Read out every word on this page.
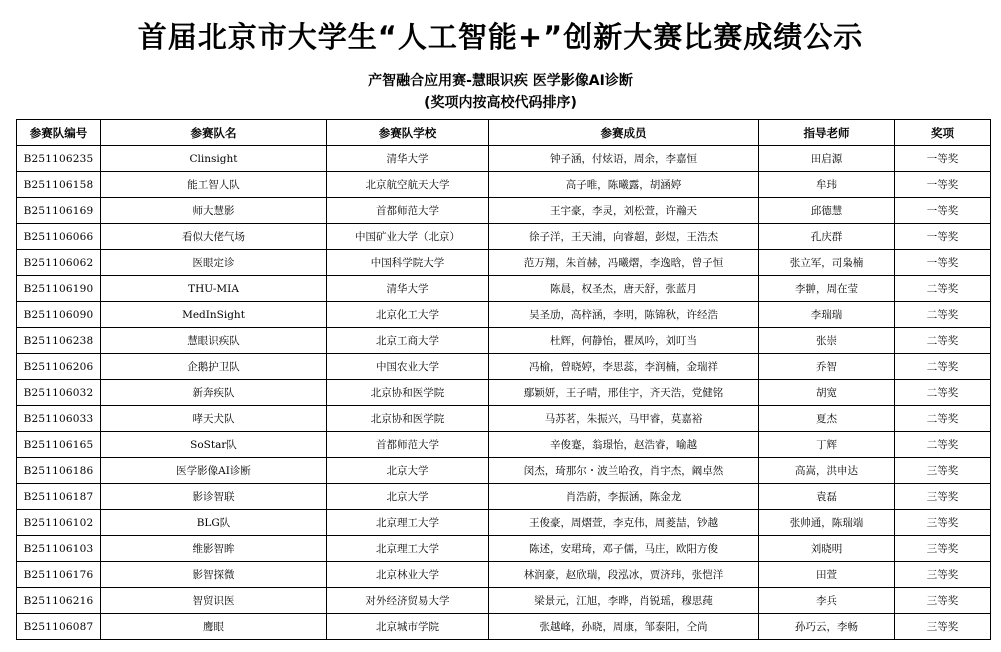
首届北京市大学生“人工智能+”创新大赛比赛成绩公示
产智融合应用赛-慧眼识疾 医学影像AI诊断
(奖项内按高校代码排序)
参赛队编号	参赛队名	参赛队学校	参赛成员	指导老师	奖项
B251106235	Clinsight	清华大学	钟子涵，付炫语，周余，李嘉恒	田启源	一等奖
B251106158	能工智人队	北京航空航天大学	高子唯，陈曦露，胡涵婷	牟玮	一等奖
B251106169	师大慧影	首都师范大学	王宇豪，李灵，刘松萱，许瀚天	邱德慧	一等奖
B251106066	看似大佬气场	中国矿业大学（北京）	徐子洋，王天浦，向睿超，彭煜，王浩杰	孔庆群	一等奖
B251106062	医眼定诊	中国科学院大学	范万翔，朱首赫，冯曦熠，李逸晗，曾子恒	张立军，司枭楠	一等奖
B251106190	THU-MIA	清华大学	陈晨，权圣杰，唐天舒，张蓝月	李翀，周在莹	二等奖
B251106090	MedInSight	北京化工大学	吴圣劢，高梓涵，李明，陈锦秋，许经浩	李瑞瑞	二等奖
B251106238	慧眼识疾队	北京工商大学	杜辉，何静怡，瞿凤吟，刘叮当	张崇	二等奖
B251106206	企鹅护卫队	中国农业大学	冯榆，曾晓婷，李思蕊，李润楠，金瑞祥	乔智	二等奖
B251106032	新奔疾队	北京协和医学院	鄢颖妍，王子晴，邢佳宇，齐天浩，党健铭	胡宽	二等奖
B251106033	哮天犬队	北京协和医学院	马苏茗，朱振兴，马甲睿，莫嘉裕	夏杰	二等奖
B251106165	SoStar队	首都师范大学	辛俊蹇，翁璟怡，赵浩睿，喻越	丁辉	二等奖
B251106186	医学影像AI诊断	北京大学	闵杰，琦那尔・波兰哈孜，肖宇杰，阚卓然	高嵩，洪申达	三等奖
B251106187	影诊智联	北京大学	肖浩蔚，李振涵，陈金龙	袁磊	三等奖
B251106102	BLG队	北京理工大学	王俊豪，周熠萱，李克伟，周菱喆，钞越	张帅通，陈瑞端	三等奖
B251106103	维影智眸	北京理工大学	陈述，安珺琦，邓子儒，马庄，欧阳方俊	刘晓明	三等奖
B251106176	影智探微	北京林业大学	林润豪，赵欣瑞，段泓冰，贾济玮，张恺洋	田萱	三等奖
B251106216	智贸识医	对外经济贸易大学	梁景元，江旭，李晔，肖锐瑶，穆思莼	李兵	三等奖
B251106087	鹰眼	北京城市学院	张越峰，孙晓，周康，邹泰阳，仝尚	孙巧云，李畅	三等奖
